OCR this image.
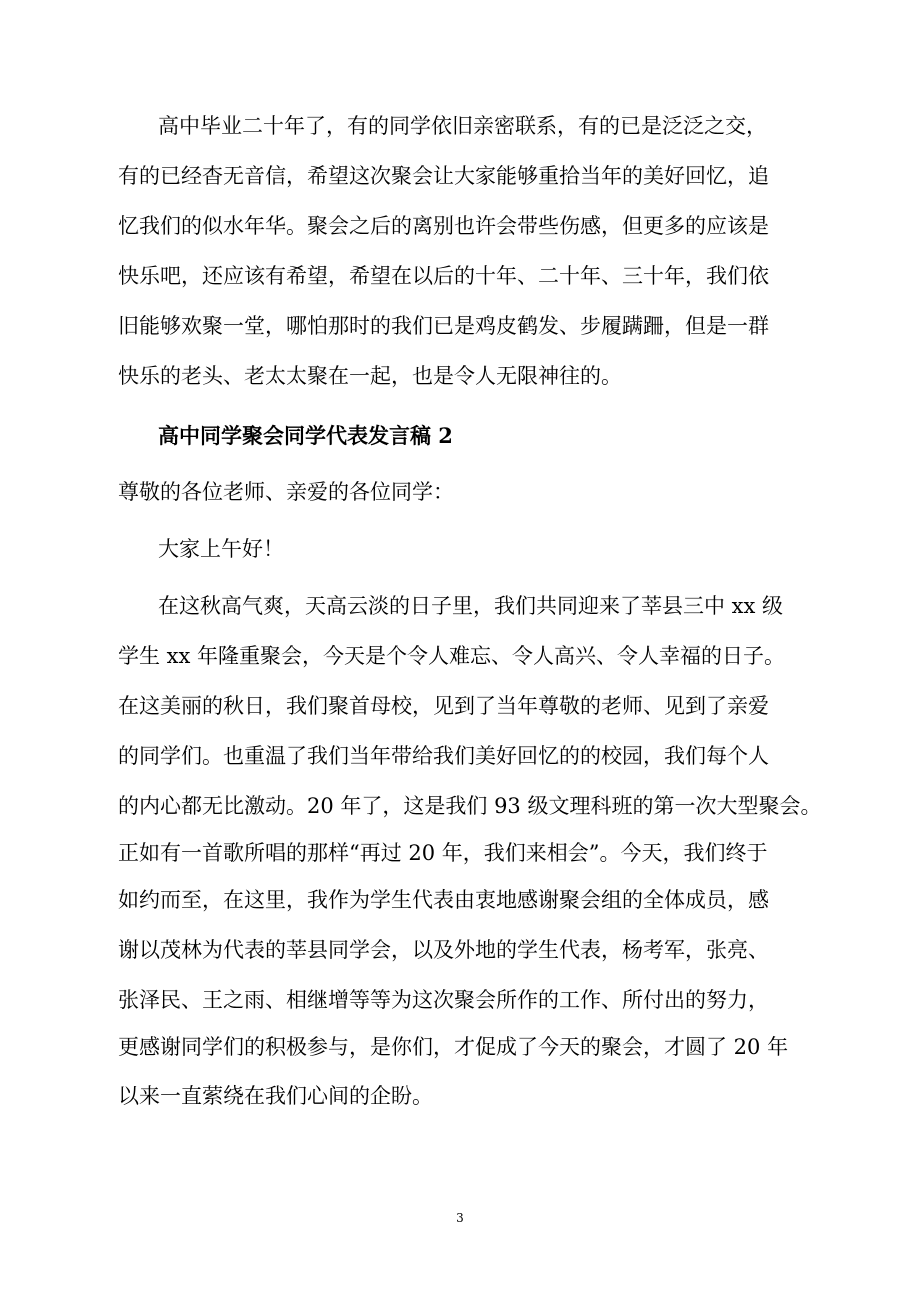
高中毕业二十年了，有的同学依旧亲密联系，有的已是泛泛之交，
有的已经杳无音信，希望这次聚会让大家能够重拾当年的美好回忆，追
忆我们的似水年华。聚会之后的离别也许会带些伤感，但更多的应该是
快乐吧，还应该有希望，希望在以后的十年、二十年、三十年，我们依
旧能够欢聚一堂，哪怕那时的我们已是鸡皮鹤发、步履蹒跚，但是一群
快乐的老头、老太太聚在一起，也是令人无限神往的。
高中同学聚会同学代表发言稿 2
尊敬的各位老师、亲爱的各位同学：
大家上午好！
在这秋高气爽，天高云淡的日子里，我们共同迎来了莘县三中 xx 级
学生 xx 年隆重聚会，今天是个令人难忘、令人高兴、令人幸福的日子。
在这美丽的秋日，我们聚首母校，见到了当年尊敬的老师、见到了亲爱
的同学们。也重温了我们当年带给我们美好回忆的的校园，我们每个人
的内心都无比激动。20 年了，这是我们 93 级文理科班的第一次大型聚会。
正如有一首歌所唱的那样“再过 20 年，我们来相会”。今天，我们终于
如约而至，在这里，我作为学生代表由衷地感谢聚会组的全体成员，感
谢以茂林为代表的莘县同学会，以及外地的学生代表，杨考军，张亮、
张泽民、王之雨、相继增等等为这次聚会所作的工作、所付出的努力，
更感谢同学们的积极参与，是你们，才促成了今天的聚会，才圆了 20 年
以来一直萦绕在我们心间的企盼。
3
